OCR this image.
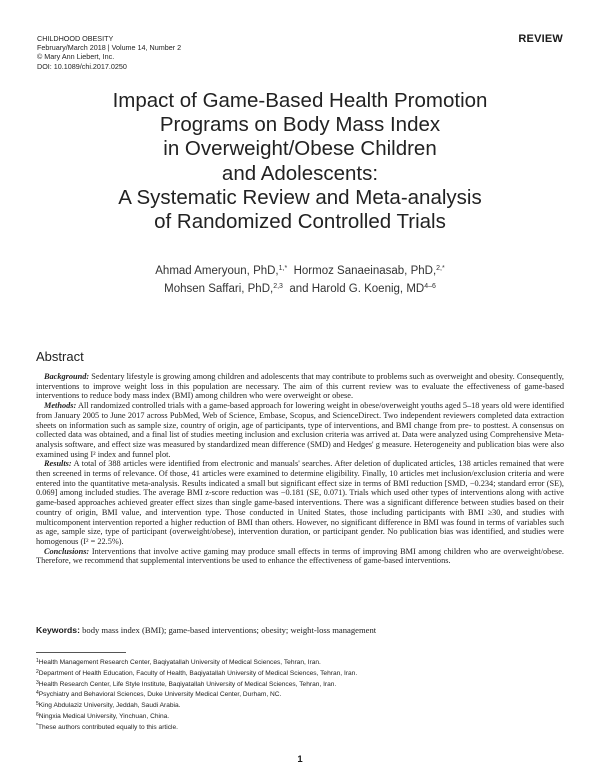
CHILDHOOD OBESITY
February/March 2018 | Volume 14, Number 2
© Mary Ann Liebert, Inc.
DOI: 10.1089/chi.2017.0250
REVIEW
Impact of Game-Based Health Promotion
Programs on Body Mass Index
in Overweight/Obese Children
and Adolescents:
A Systematic Review and Meta-analysis
of Randomized Controlled Trials
Ahmad Ameryoun, PhD,$^{1,*}$ Hormoz Sanaeinasab, PhD,$^{2,*}$
Mohsen Saffari, PhD,$^{2,3}$ and Harold G. Koenig, MD$^{4-6}$
Abstract

Background: Sedentary lifestyle is growing among children and adolescents that may contribute to problems such as overweight and obesity. Consequently, interventions to improve weight loss in this population are necessary. The aim of this current review was to evaluate the effectiveness of game-based interventions to reduce body mass index (BMI) among children who were overweight or obese.

Methods: All randomized controlled trials with a game-based approach for lowering weight in obese/overweight youths aged 5–18 years old were identified from January 2005 to June 2017 across PubMed, Web of Science, Embase, Scopus, and ScienceDirect. Two independent reviewers completed data extraction sheets on information such as sample size, country of origin, age of participants, type of interventions, and BMI change from pre- to posttest. A consensus on collected data was obtained, and a final list of studies meeting inclusion and exclusion criteria was arrived at. Data were analyzed using Comprehensive Meta-analysis software, and effect size was measured by standardized mean difference (SMD) and Hedges' g measure. Heterogeneity and publication bias were also examined using I² index and funnel plot.

Results: A total of 388 articles were identified from electronic and manuals' searches. After deletion of duplicated articles, 138 articles remained that were then screened in terms of relevance. Of those, 41 articles were examined to determine eligibility. Finally, 10 articles met inclusion/exclusion criteria and were entered into the quantitative meta-analysis. Results indicated a small but significant effect size in terms of BMI reduction [SMD, −0.234; standard error (SE), 0.069] among included studies. The average BMI z-score reduction was −0.181 (SE, 0.071). Trials which used other types of interventions along with active game-based approaches achieved greater effect sizes than single game-based interventions. There was a significant difference between studies based on their country of origin, BMI value, and intervention type. Those conducted in United States, those including participants with BMI ≥30, and studies with multicomponent intervention reported a higher reduction of BMI than others. However, no significant difference in BMI was found in terms of variables such as age, sample size, type of participant (overweight/obese), intervention duration, or participant gender. No publication bias was identified, and studies were homogenous (I² = 22.5%).

Conclusions: Interventions that involve active gaming may produce small effects in terms of improving BMI among children who are overweight/obese. Therefore, we recommend that supplemental interventions be used to enhance the effectiveness of game-based interventions.

Keywords: body mass index (BMI); game-based interventions; obesity; weight-loss management
$^1$Health Management Research Center, Baqiyatallah University of Medical Sciences, Tehran, Iran.
$^2$Department of Health Education, Faculty of Health, Baqiyatallah University of Medical Sciences, Tehran, Iran.
$^3$Health Research Center, Life Style Institute, Baqiyatallah University of Medical Sciences, Tehran, Iran.
$^4$Psychiatry and Behavioral Sciences, Duke University Medical Center, Durham, NC.
$^5$King Abdulaziz University, Jeddah, Saudi Arabia.
$^6$Ningxia Medical University, Yinchuan, China.
*These authors contributed equally to this article.
1
